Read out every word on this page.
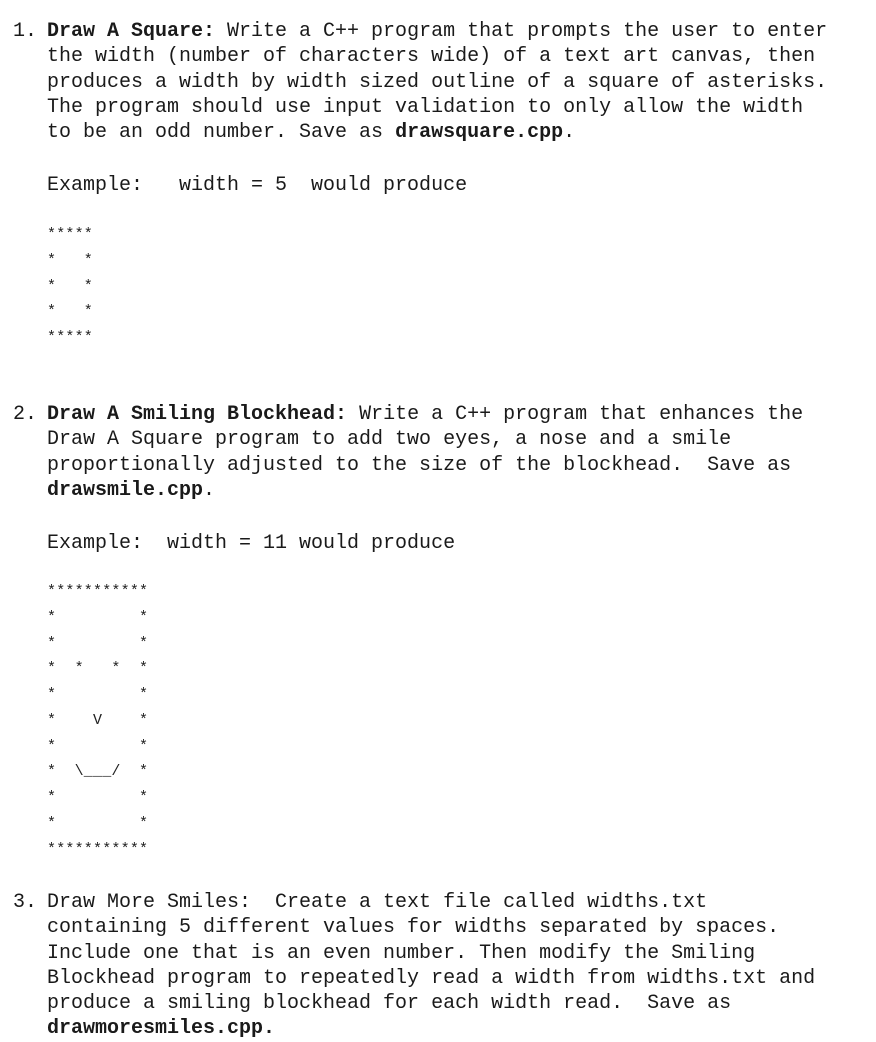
1. Draw A Square: Write a C++ program that prompts the user to enter
the width (number of characters wide) of a text art canvas, then
produces a width by width sized outline of a square of asterisks.
The program should use input validation to only allow the width
to be an odd number. Save as drawsquare.cpp.
Example:   width = 5  would produce
*****
*   *
*   *
*   *
*****
2. Draw A Smiling Blockhead: Write a C++ program that enhances the
Draw A Square program to add two eyes, a nose and a smile
proportionally adjusted to the size of the blockhead.  Save as
drawsmile.cpp.
Example:  width = 11 would produce
***********
*         *
*         *
*  *   *  *
*         *
*    V    *
*         *
*  \___/  *
*         *
*         *
***********
3. Draw More Smiles:  Create a text file called widths.txt
containing 5 different values for widths separated by spaces.
Include one that is an even number. Then modify the Smiling
Blockhead program to repeatedly read a width from widths.txt and
produce a smiling blockhead for each width read.  Save as
drawmoresmiles.cpp.
